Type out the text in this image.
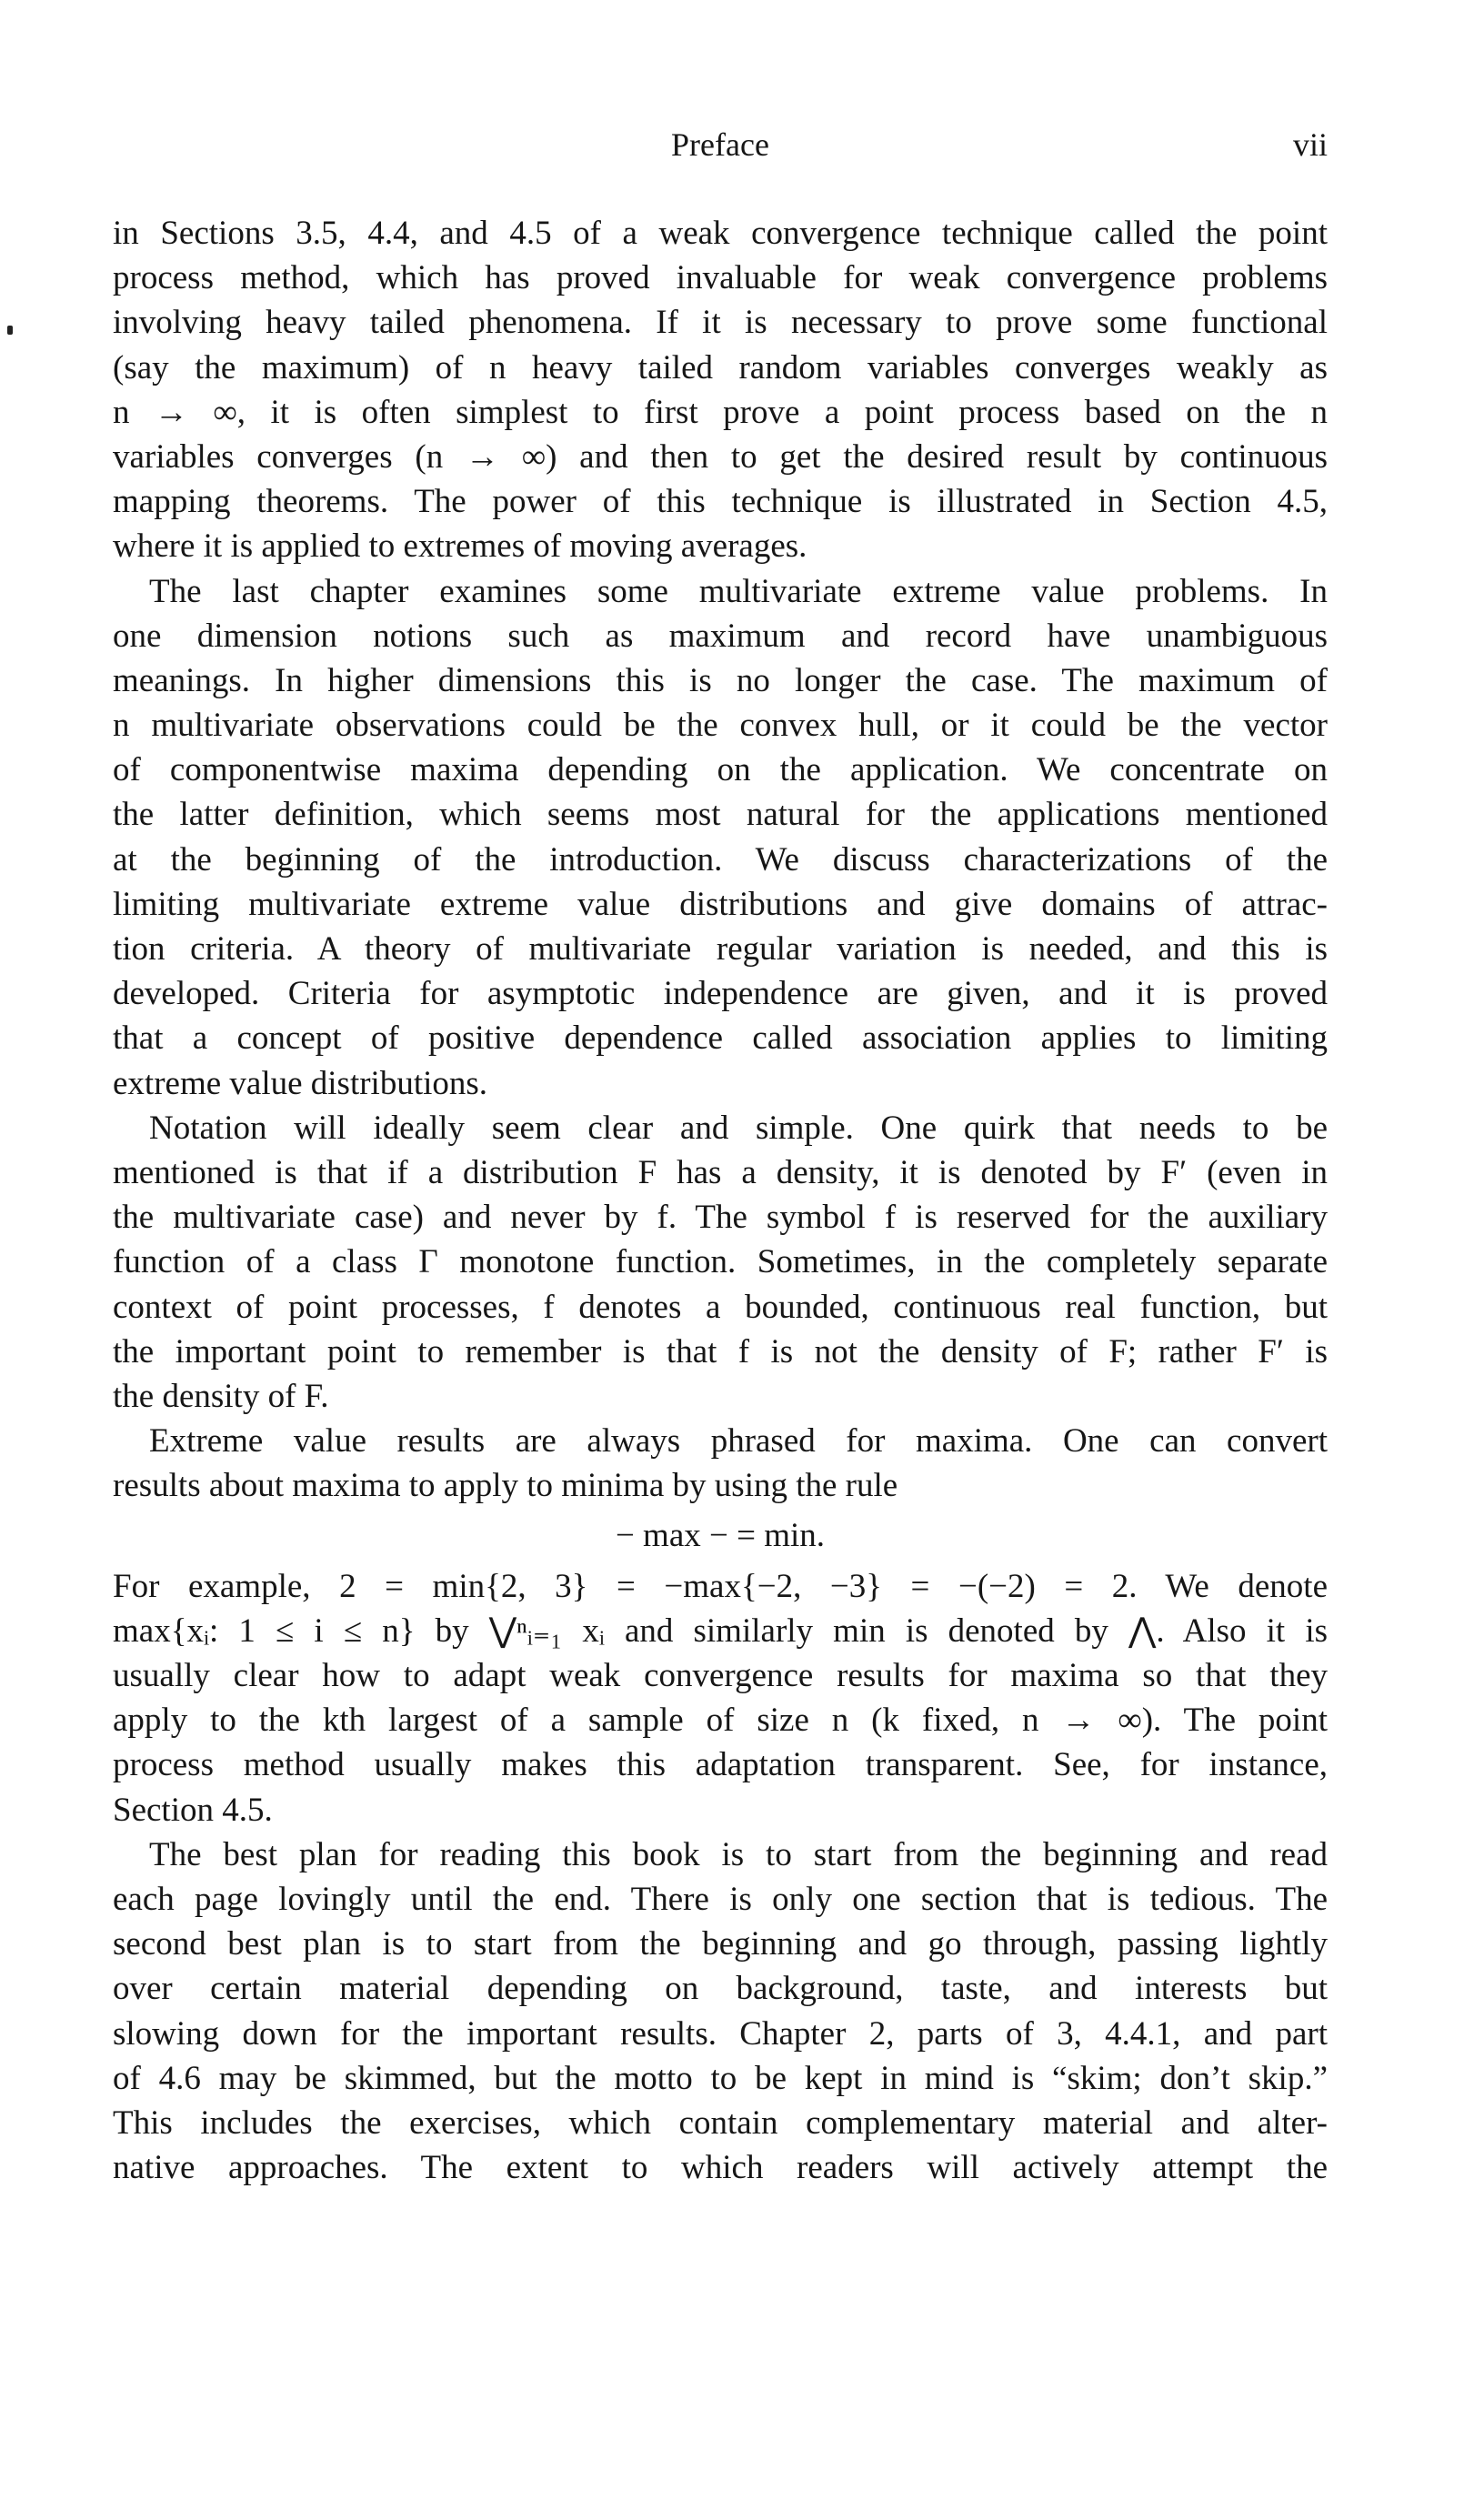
Preface	vii
in Sections 3.5, 4.4, and 4.5 of a weak convergence technique called the point
process method, which has proved invaluable for weak convergence problems
involving heavy tailed phenomena. If it is necessary to prove some functional
(say the maximum) of n heavy tailed random variables converges weakly as
n → ∞, it is often simplest to first prove a point process based on the n
variables converges (n → ∞) and then to get the desired result by continuous
mapping theorems. The power of this technique is illustrated in Section 4.5,
where it is applied to extremes of moving averages.
The last chapter examines some multivariate extreme value problems. In
one dimension notions such as maximum and record have unambiguous
meanings. In higher dimensions this is no longer the case. The maximum of
n multivariate observations could be the convex hull, or it could be the vector
of componentwise maxima depending on the application. We concentrate on
the latter definition, which seems most natural for the applications mentioned
at the beginning of the introduction. We discuss characterizations of the
limiting multivariate extreme value distributions and give domains of attrac-
tion criteria. A theory of multivariate regular variation is needed, and this is
developed. Criteria for asymptotic independence are given, and it is proved
that a concept of positive dependence called association applies to limiting
extreme value distributions.
Notation will ideally seem clear and simple. One quirk that needs to be
mentioned is that if a distribution F has a density, it is denoted by F′ (even in
the multivariate case) and never by f. The symbol f is reserved for the auxiliary
function of a class Γ monotone function. Sometimes, in the completely separate
context of point processes, f denotes a bounded, continuous real function, but
the important point to remember is that f is not the density of F; rather F′ is
the density of F.
Extreme value results are always phrased for maxima. One can convert
results about maxima to apply to minima by using the rule
− max − = min.
For example, 2 = min{2, 3} = −max{−2, −3} = −(−2) = 2. We denote
max{xᵢ: 1 ≤ i ≤ n} by ⋁ⁿᵢ₌₁ xᵢ and similarly min is denoted by ⋀. Also it is
usually clear how to adapt weak convergence results for maxima so that they
apply to the kth largest of a sample of size n (k fixed, n → ∞). The point
process method usually makes this adaptation transparent. See, for instance,
Section 4.5.
The best plan for reading this book is to start from the beginning and read
each page lovingly until the end. There is only one section that is tedious. The
second best plan is to start from the beginning and go through, passing lightly
over certain material depending on background, taste, and interests but
slowing down for the important results. Chapter 2, parts of 3, 4.4.1, and part
of 4.6 may be skimmed, but the motto to be kept in mind is “skim; don’t skip.”
This includes the exercises, which contain complementary material and alter-
native approaches. The extent to which readers will actively attempt the
